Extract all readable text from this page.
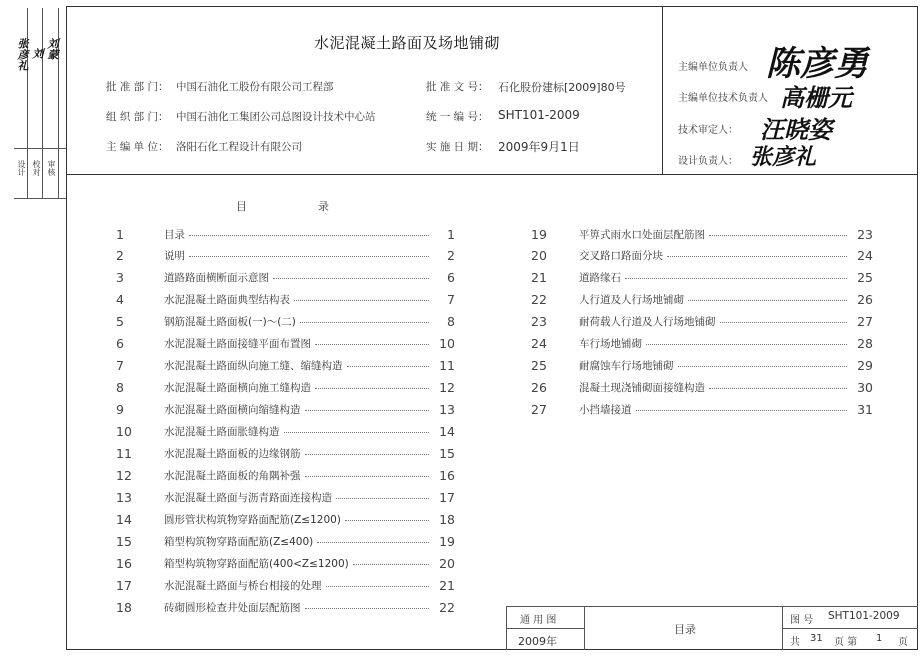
张彦礼 刘 刘蒙
设计 校对 审核
水泥混凝土路面及场地铺砌
批 准 部 门： 中国石油化工股份有限公司工程部
组 织 部 门： 中国石油化工集团公司总图设计技术中心站
主 编 单 位： 洛阳石化工程设计有限公司
批 准 文 号： 石化股份建标[2009]80号
统 一 编 号： SHT101-2009
实 施 日 期： 2009年9月1日
主编单位负责人 陈彦勇
主编单位技术负责人 高栅元
技术审定人： 汪晓姿
设计负责人： 张彦礼
目	录
1	目录	1
2	说明	2
3	道路路面横断面示意图	6
4	水泥混凝土路面典型结构表	7
5	钢筋混凝土路面板(一)～(二)	8
6	水泥混凝土路面接缝平面布置图	10
7	水泥混凝土路面纵向施工缝、缩缝构造	11
8	水泥混凝土路面横向施工缝构造	12
9	水泥混凝土路面横向缩缝构造	13
10	水泥混凝土路面胀缝构造	14
11	水泥混凝土路面板的边缘钢筋	15
12	水泥混凝土路面板的角隅补强	16
13	水泥混凝土路面与沥青路面连接构造	17
14	圆形管状构筑物穿路面配筋(Z≤1200)	18
15	箱型构筑物穿路面配筋(Z≤400)	19
16	箱型构筑物穿路面配筋(400<Z≤1200)	20
17	水泥混凝土路面与桥台相接的处理	21
18	砖砌圆形检查井处面层配筋图	22
19	平箅式雨水口处面层配筋图	23
20	交叉路口路面分块	24
21	道路缘石	25
22	人行道及人行场地铺砌	26
23	耐荷载人行道及人行场地铺砌	27
24	车行场地铺砌	28
25	耐腐蚀车行场地铺砌	29
26	混凝土现浇铺砌面接缝构造	30
27	小挡墙接道	31
通 用 图
2009年
目录
图 号 SHT101-2009
共 31 页 第 1 页
